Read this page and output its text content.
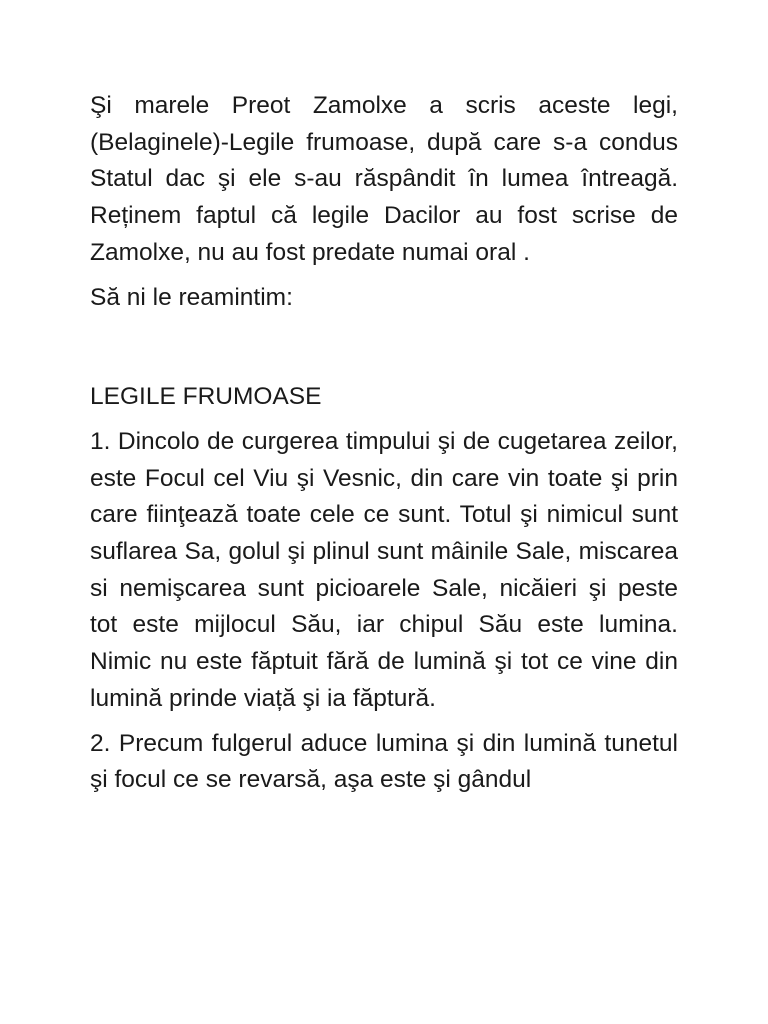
Şi marele Preot Zamolxe a scris aceste legi, (Belaginele)-Legile frumoase, după care s-a condus Statul dac şi ele s-au răspândit în lumea întreagă. Reținem faptul că legile Dacilor au fost scrise de Zamolxe, nu au fost predate numai oral .

Să ni le reamintim:

LEGILE FRUMOASE

1. Dincolo de curgerea timpului şi de cugetarea zeilor, este Focul cel Viu şi Vesnic, din care vin toate şi prin care fiinţează toate cele ce sunt. Totul şi nimicul sunt suflarea Sa, golul şi plinul sunt mâinile Sale, miscarea si nemişcarea sunt picioarele Sale, nicăieri şi peste tot este mijlocul Său, iar chipul Său este lumina. Nimic nu este făptuit fără de lumină şi tot ce vine din lumină prinde viață şi ia făptură.

2. Precum fulgerul aduce lumina şi din lumină tunetul şi focul ce se revarsă, aşa este şi gândul
